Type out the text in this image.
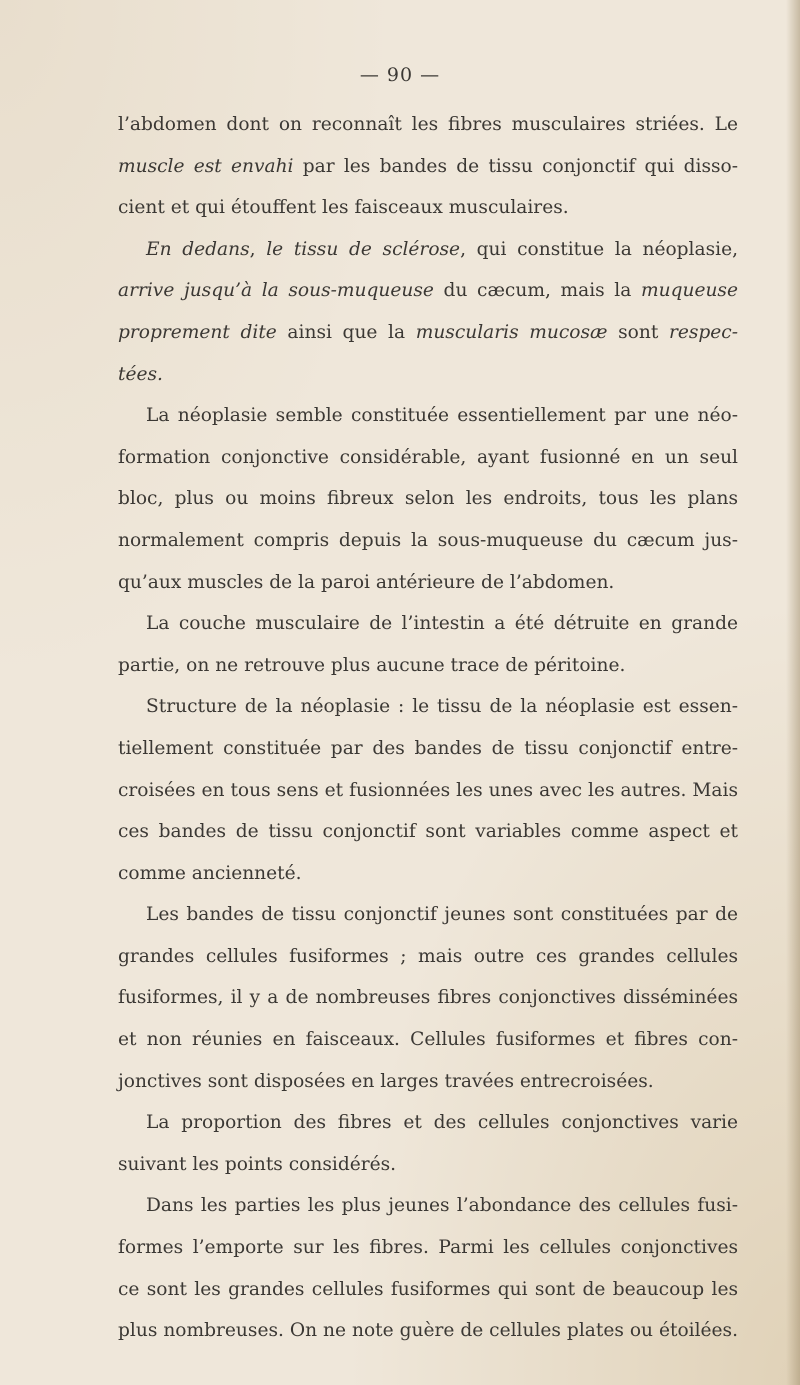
— 90 —

l’abdomen dont on reconnaît les fibres musculaires striées. Le
muscle est envahi par les bandes de tissu conjonctif qui disso-
cient et qui étouffent les faisceaux musculaires.

En dedans, le tissu de sclérose, qui constitue la néoplasie,
arrive jusqu’à la sous-muqueuse du cæcum, mais la muqueuse
proprement dite ainsi que la muscularis mucosæ sont respec-
tées.

La néoplasie semble constituée essentiellement par une néo-
formation conjonctive considérable, ayant fusionné en un seul
bloc, plus ou moins fibreux selon les endroits, tous les plans
normalement compris depuis la sous-muqueuse du cæcum jus-
qu’aux muscles de la paroi antérieure de l’abdomen.

La couche musculaire de l’intestin a été détruite en grande
partie, on ne retrouve plus aucune trace de péritoine.

Structure de la néoplasie : le tissu de la néoplasie est essen-
tiellement constituée par des bandes de tissu conjonctif entre-
croisées en tous sens et fusionnées les unes avec les autres. Mais
ces bandes de tissu conjonctif sont variables comme aspect et
comme ancienneté.

Les bandes de tissu conjonctif jeunes sont constituées par de
grandes cellules fusiformes ; mais outre ces grandes cellules
fusiformes, il y a de nombreuses fibres conjonctives disséminées
et non réunies en faisceaux. Cellules fusiformes et fibres con-
jonctives sont disposées en larges travées entrecroisées.

La proportion des fibres et des cellules conjonctives varie
suivant les points considérés.

Dans les parties les plus jeunes l’abondance des cellules fusi-
formes l’emporte sur les fibres. Parmi les cellules conjonctives
ce sont les grandes cellules fusiformes qui sont de beaucoup les
plus nombreuses. On ne note guère de cellules plates ou étoilées.
